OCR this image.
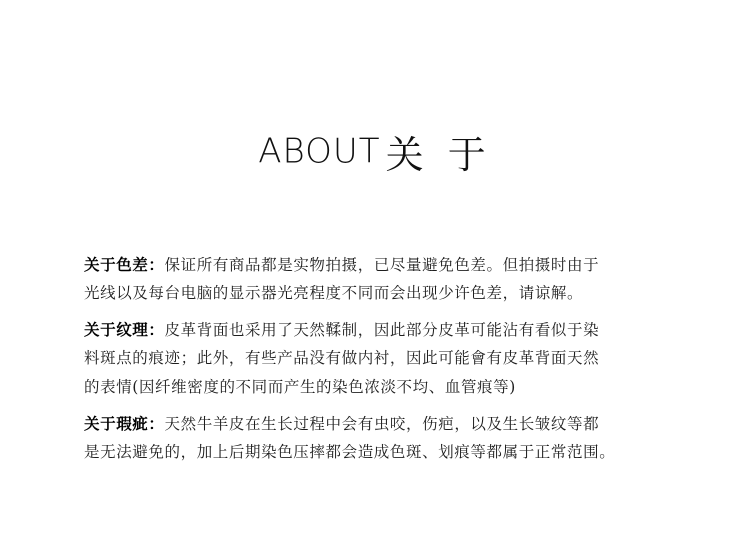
ABOUT 关 于
关于色差：保证所有商品都是实物拍摄，已尽量避免色差。但拍摄时由于
光线以及每台电脑的显示器光亮程度不同而会出现少许色差，请谅解。
关于纹理：皮革背面也采用了天然鞣制，因此部分皮革可能沾有看似于染
料斑点的痕迹；此外，有些产品没有做内衬，因此可能會有皮革背面天然
的表情(因纤维密度的不同而产生的染色浓淡不均、血管痕等)
关于瑕疵：天然牛羊皮在生长过程中会有虫咬，伤疤，以及生长皱纹等都
是无法避免的，加上后期染色压摔都会造成色斑、划痕等都属于正常范围。
